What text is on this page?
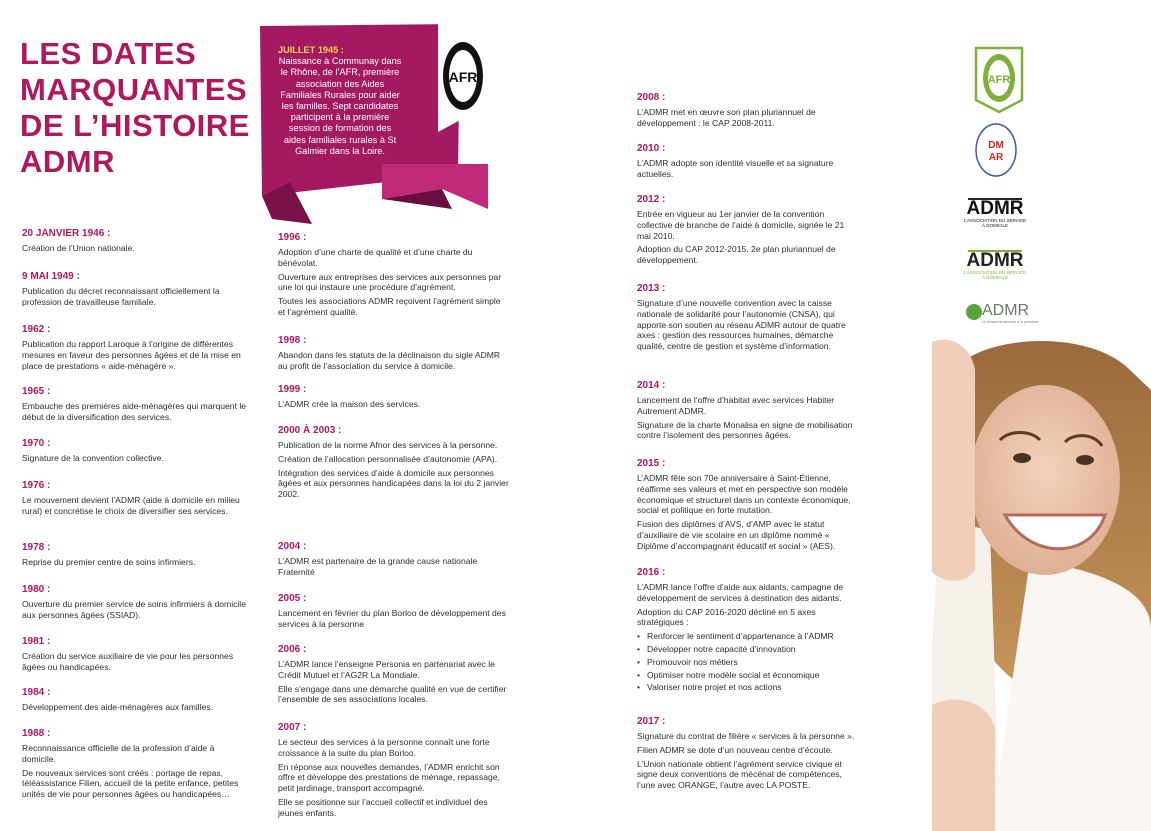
LES DATES
MARQUANTES
DE L’HISTOIRE
ADMR
AFR
JUILLET 1945 :
Naissance à Communay dans le Rhône, de l’AFR, première association des Aides Familiales Rurales pour aider les familles. Sept candidates participent à la première session de formation des aides familiales rurales à St Galmier dans la Loire.
20 JANVIER 1946 :

Création de l’Union nationale.

9 MAI 1949 :

Publication du décret reconnaissant officiellement la profession de travailleuse familiale.

1962 :

Publication du rapport Laroque à l’origine de différentes mesures en faveur des personnes âgées et de la mise en place de prestations « aide-ménagère ».

1965 :

Embauche des premières aide-ménagères qui marquent le début de la diversification des services.

1970 :

Signature de la convention collective.

1976 :

Le mouvement devient l’ADMR (aide à domicile en milieu rural) et concrétise le choix de diversifier ses services.

1978 :

Reprise du premier centre de soins infirmiers.

1980 :

Ouverture du premier service de soins infirmiers à domicile aux personnes âgées (SSIAD).

1981 :

Création du service auxiliaire de vie pour les personnes âgées ou handicapées.

1984 :

Développement des aide-ménagères aux familles.

1988 :

Reconnaissance officielle de la profession d’aide à domicile.

De nouveaux services sont créés : portage de repas, téléassistance Filien, accueil de la petite enfance, petites unités de vie pour personnes âgées ou handicapées…

1996 :

Adoption d’une charte de qualité et d’une charte du bénévolat.

Ouverture aux entreprises des services aux personnes par une loi qui instaure une procédure d’agrément.

Toutes les associations ADMR reçoivent l’agrément simple et l’agrément qualité.

1998 :

Abandon dans les statuts de la déclinaison du sigle ADMR au profit de l’association du service à domicile.

1999 :

L’ADMR crée la maison des services.

2000 À 2003 :

Publication de la norme Afnor des services à la personne.

Création de l’allocation personnalisée d’autonomie (APA).

Intégration des services d’aide à domicile aux personnes âgées et aux personnes handicapées dans la loi du 2 janvier 2002.

2004 :

L’ADMR est partenaire de la grande cause nationale Fraternité

2005 :

Lancement en février du plan Borloo de développement des services à la personne

2006 :

L’ADMR lance l’enseigne Personia en partenariat avec le Crédit Mutuel et l’AG2R La Mondiale.

Elle s’engage dans une démarche qualité en vue de certifier l’ensemble de ses associations locales.

2007 :

Le secteur des services à la personne connaît une forte croissance à la suite du plan Borloo.

En réponse aux nouvelles demandes, l’ADMR enrichit son offre et développe des prestations de ménage, repassage, petit jardinage, transport accompagné.

Elle se positionne sur l’accueil collectif et individuel des jeunes enfants.

2008 :

L’ADMR met en œuvre son plan pluriannuel de développement : le CAP 2008-2011.

2010 :

L’ADMR adopte son identité visuelle et sa signature actuelles.

2012 :

Entrée en vigueur au 1er janvier de la convention collective de branche de l’aide à domicile, signée le 21 mai 2010.

Adoption du CAP 2012-2015, 2e plan pluriannuel de développement.

2013 :

Signature d’une nouvelle convention avec la caisse nationale de solidarité pour l’autonomie (CNSA), qui apporte son soutien au réseau ADMR autour de quatre axes : gestion des ressources humaines, démarche qualité, centre de gestion et système d’information.

2014 :

Lancement de l’offre d’habitat avec services Habiter Autrement ADMR.

Signature de la charte Monalisa en signe de mobilisation contre l’isolement des personnes âgées.

2015 :

L’ADMR fête son 70e anniversaire à Saint-Étienne, réaffirme ses valeurs et met en perspective son modèle économique et structurel dans un contexte économique, social et politique en forte mutation.

Fusion des diplômes d’AVS, d’AMP avec le statut d’auxiliaire de vie scolaire en un diplôme nommé « Diplôme d’accompagnant éducatif et social » (AES).

2016 :

L’ADMR lance l’offre d’aide aux aidants, campagne de développement de services à destination des aidants.

Adoption du CAP 2016-2020 décliné en 5 axes stratégiques :

• Renforcer le sentiment d’appartenance à l’ADMR
• Développer notre capacité d’innovation
• Promouvoir nos métiers
• Optimiser notre modèle social et économique
• Valoriser notre projet et nos actions
2017 :

Signature du contrat de filière « services à la personne ».

Filien ADMR se dote d’un nouveau centre d’écoute.

L’Union nationale obtient l’agrément service civique et signe deux conventions de mécénat de compétences, l’une avec ORANGE, l’autre avec LA POSTE.

AFR
DM
AR
ADMR
L’ASSOCIATION DU SERVICE À DOMICILE
ADMR
L’ASSOCIATION DU SERVICE À DOMICILE
ADMR
Le réseau de services à la personne
